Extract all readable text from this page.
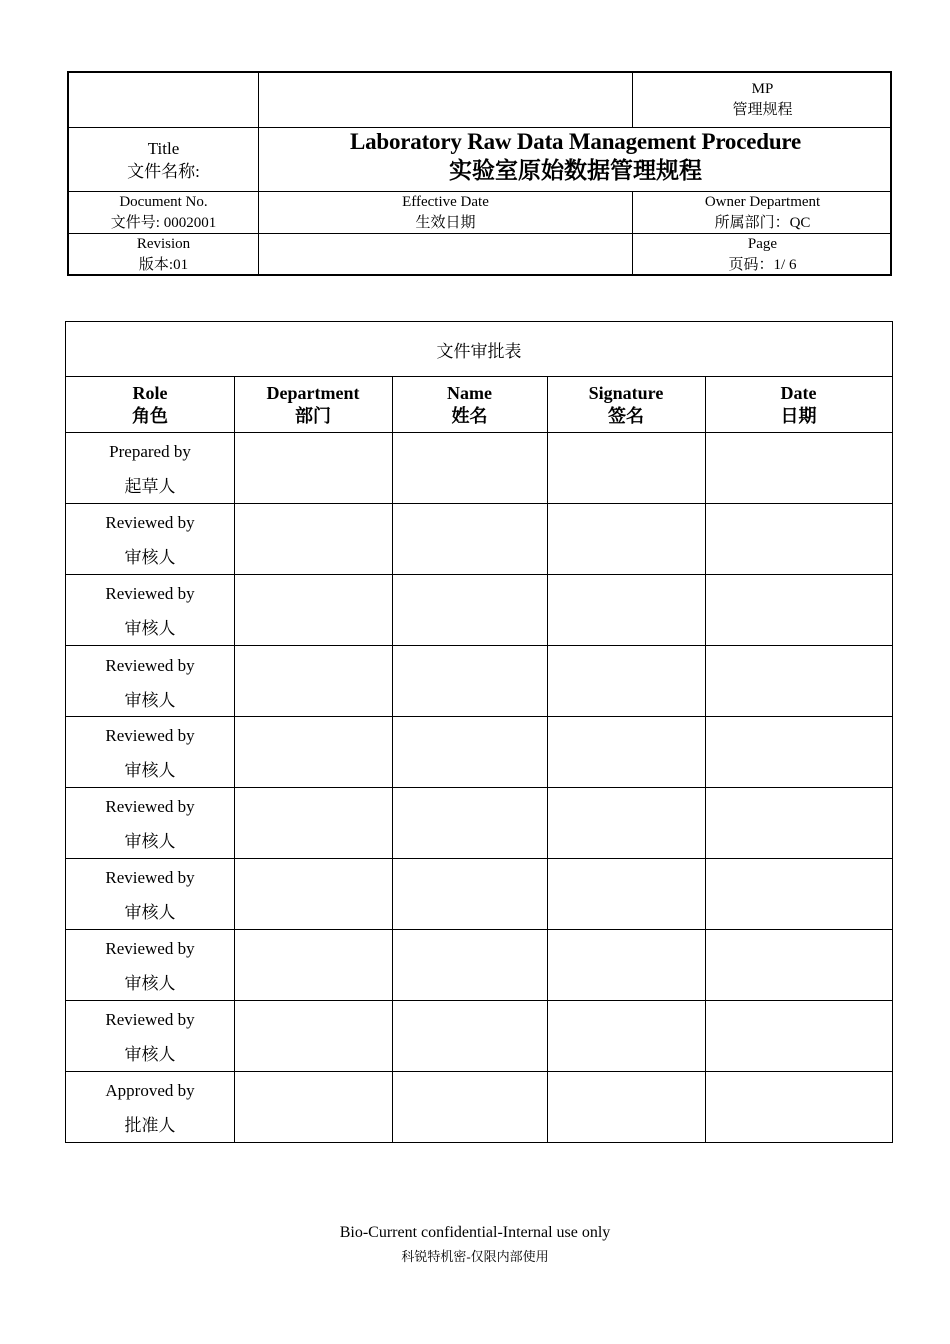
MP
管理规程
Title
文件名称:
Laboratory Raw Data Management Procedure
实验室原始数据管理规程
Document No.
文件号: 0002001
Effective Date
生效日期
Owner Department
所属部门：QC
Revision
版本:01
Page
页码：1/ 6
文件审批表
Role
角色
Department
部门
Name
姓名
Signature
签名
Date
日期
Prepared by
起草人
Reviewed by
审核人
Reviewed by
审核人
Reviewed by
审核人
Reviewed by
审核人
Reviewed by
审核人
Reviewed by
审核人
Reviewed by
审核人
Reviewed by
审核人
Approved by
批准人
Bio-Current confidential-Internal use only
科锐特机密-仅限内部使用
